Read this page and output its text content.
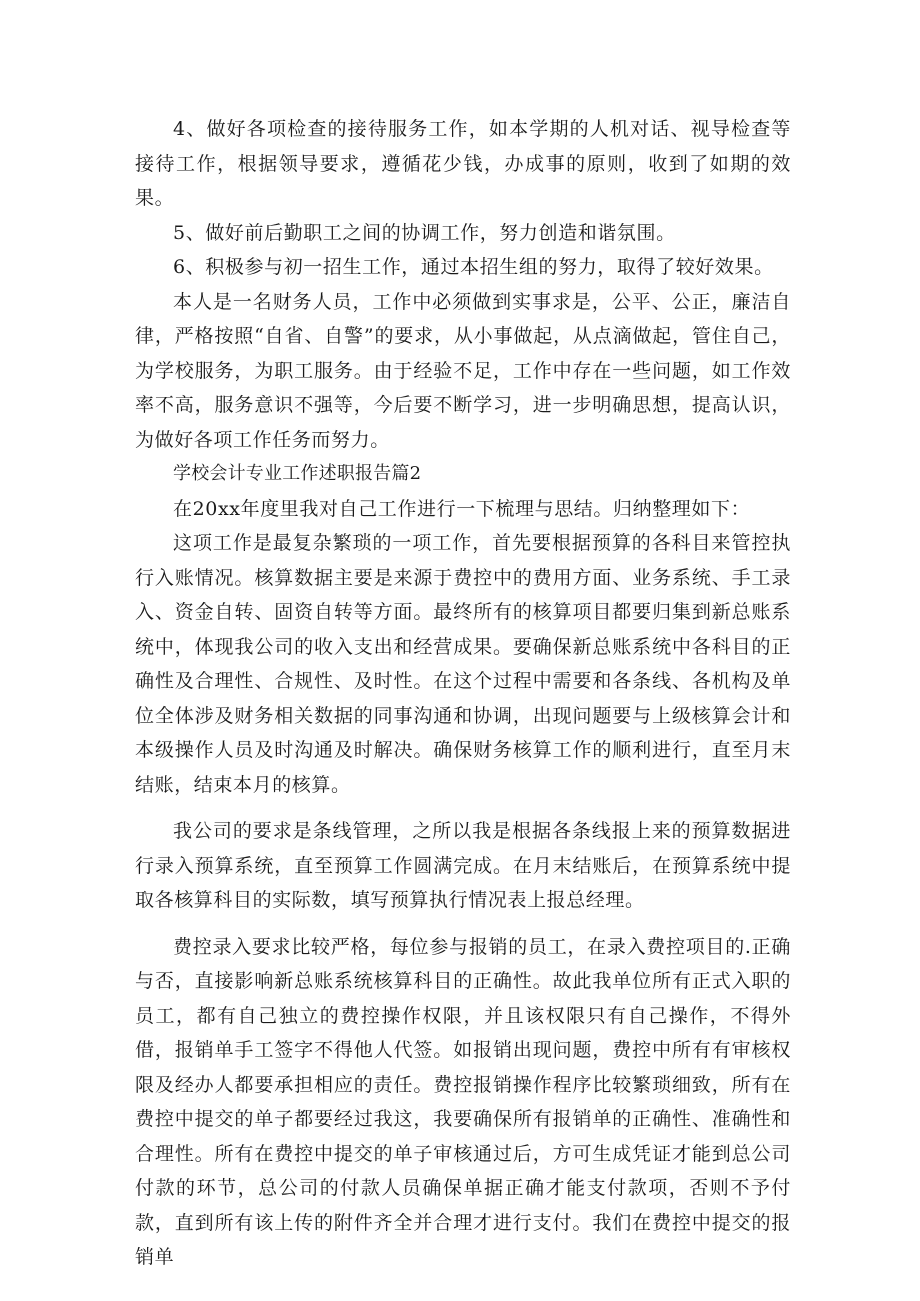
4、做好各项检查的接待服务工作，如本学期的人机对话、视导检查等接待工作，根据领导要求，遵循花少钱，办成事的原则，收到了如期的效果。

5、做好前后勤职工之间的协调工作，努力创造和谐氛围。

6、积极参与初一招生工作，通过本招生组的努力，取得了较好效果。

本人是一名财务人员，工作中必须做到实事求是，公平、公正，廉洁自律，严格按照“自省、自警”的要求，从小事做起，从点滴做起，管住自己，为学校服务，为职工服务。由于经验不足，工作中存在一些问题，如工作效率不高，服务意识不强等，今后要不断学习，进一步明确思想，提高认识，为做好各项工作任务而努力。

学校会计专业工作述职报告篇2

在20xx年度里我对自己工作进行一下梳理与思结。归纳整理如下：

这项工作是最复杂繁琐的一项工作，首先要根据预算的各科目来管控执行入账情况。核算数据主要是来源于费控中的费用方面、业务系统、手工录入、资金自转、固资自转等方面。最终所有的核算项目都要归集到新总账系统中，体现我公司的收入支出和经营成果。要确保新总账系统中各科目的正确性及合理性、合规性、及时性。在这个过程中需要和各条线、各机构及单位全体涉及财务相关数据的同事沟通和协调，出现问题要与上级核算会计和本级操作人员及时沟通及时解决。确保财务核算工作的顺利进行，直至月末结账，结束本月的核算。

我公司的要求是条线管理，之所以我是根据各条线报上来的预算数据进行录入预算系统，直至预算工作圆满完成。在月末结账后，在预算系统中提取各核算科目的实际数，填写预算执行情况表上报总经理。

费控录入要求比较严格，每位参与报销的员工，在录入费控项目的.正确与否，直接影响新总账系统核算科目的正确性。故此我单位所有正式入职的员工，都有自己独立的费控操作权限，并且该权限只有自己操作，不得外借，报销单手工签字不得他人代签。如报销出现问题，费控中所有有审核权限及经办人都要承担相应的责任。费控报销操作程序比较繁琐细致，所有在费控中提交的单子都要经过我这，我要确保所有报销单的正确性、准确性和合理性。所有在费控中提交的单子审核通过后，方可生成凭证才能到总公司付款的环节，总公司的付款人员确保单据正确才能支付款项，否则不予付款，直到所有该上传的附件齐全并合理才进行支付。我们在费控中提交的报销单
